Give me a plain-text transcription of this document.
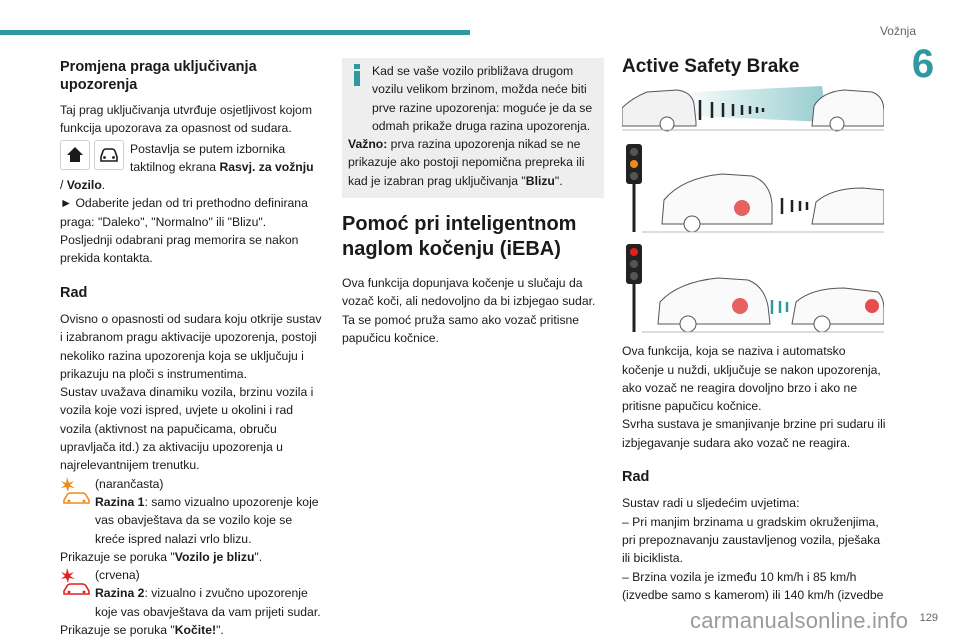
Vožnja
6
Promjena praga uključivanja upozorenja

Taj prag uključivanja utvrđuje osjetljivost kojom funkcija upozorava za opasnost od sudara.

Postavlja se putem izbornika taktilnog ekrana Rasvj. za vožnju

/ Vozilo.

► Odaberite jedan od tri prethodno definirana praga: "Daleko", "Normalno" ili "Blizu".

Posljednji odabrani prag memorira se nakon prekida kontakta.

Rad

Ovisno o opasnosti od sudara koju otkrije sustav i izabranom pragu aktivacije upozorenja, postoji nekoliko razina upozorenja koja se uključuju i prikazuju na ploči s instrumentima.

Sustav uvažava dinamiku vozila, brzinu vozila i vozila koje vozi ispred, uvjete u okolini i rad vozila (aktivnost na papučicama, obruču upravljača itd.) za aktivaciju upozorenja u najrelevantnijem trenutku.

(narančasta)

Razina 1: samo vizualno upozorenje koje vas obavještava da se vozilo koje se kreće ispred nalazi vrlo blizu.

Prikazuje se poruka "Vozilo je blizu".

(crvena)

Razina 2: vizualno i zvučno upozorenje koje vas obavještava da vam prijeti sudar.

Prikazuje se poruka "Kočite!".

Kad se vaše vozilo približava drugom vozilu velikom brzinom, možda neće biti prve razine upozorenja: moguće je da se odmah prikaže druga razina upozorenja.

Važno: prva razina upozorenja nikad se ne prikazuje ako postoji nepomična prepreka ili kad je izabran prag uključivanja "Blizu".

Pomoć pri inteligentnom naglom kočenju (iEBA)

Ova funkcija dopunjava kočenje u slučaju da vozač koči, ali nedovoljno da bi izbjegao sudar. Ta se pomoć pruža samo ako vozač pritisne papučicu kočnice.

Active Safety Brake

Ova funkcija, koja se naziva i automatsko kočenje u nuždi, uključuje se nakon upozorenja, ako vozač ne reagira dovoljno brzo i ako ne pritisne papučicu kočnice.

Svrha sustava je smanjivanje brzine pri sudaru ili izbjegavanje sudara ako vozač ne reagira.

Rad

Sustav radi u sljedećim uvjetima:

– Pri manjim brzinama u gradskim okruženjima, pri prepoznavanju zaustavljenog vozila, pješaka ili biciklista.

– Brzina vozila je između 10 km/h i 85 km/h (izvedbe samo s kamerom) ili 140 km/h (izvedbe

carmanualsonline.info 129
